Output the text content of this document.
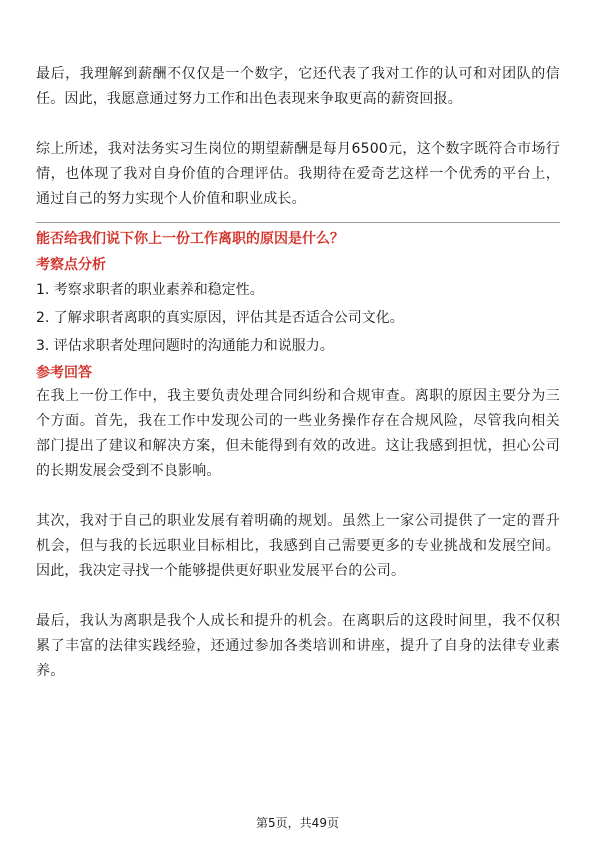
最后，我理解到薪酬不仅仅是一个数字，它还代表了我对工作的认可和对团队的信任。因此，我愿意通过努力工作和出色表现来争取更高的薪资回报。

综上所述，我对法务实习生岗位的期望薪酬是每月6500元，这个数字既符合市场行情，也体现了我对自身价值的合理评估。我期待在爱奇艺这样一个优秀的平台上，通过自己的努力实现个人价值和职业成长。

能否给我们说下你上一份工作离职的原因是什么？

考察点分析

1. 考察求职者的职业素养和稳定性。

2. 了解求职者离职的真实原因，评估其是否适合公司文化。

3. 评估求职者处理问题时的沟通能力和说服力。

参考回答

在我上一份工作中，我主要负责处理合同纠纷和合规审查。离职的原因主要分为三个方面。首先，我在工作中发现公司的一些业务操作存在合规风险，尽管我向相关部门提出了建议和解决方案，但未能得到有效的改进。这让我感到担忧，担心公司的长期发展会受到不良影响。

其次，我对于自己的职业发展有着明确的规划。虽然上一家公司提供了一定的晋升机会，但与我的长远职业目标相比，我感到自己需要更多的专业挑战和发展空间。因此，我决定寻找一个能够提供更好职业发展平台的公司。

最后，我认为离职是我个人成长和提升的机会。在离职后的这段时间里，我不仅积累了丰富的法律实践经验，还通过参加各类培训和讲座，提升了自身的法律专业素养。

第5页，共49页
